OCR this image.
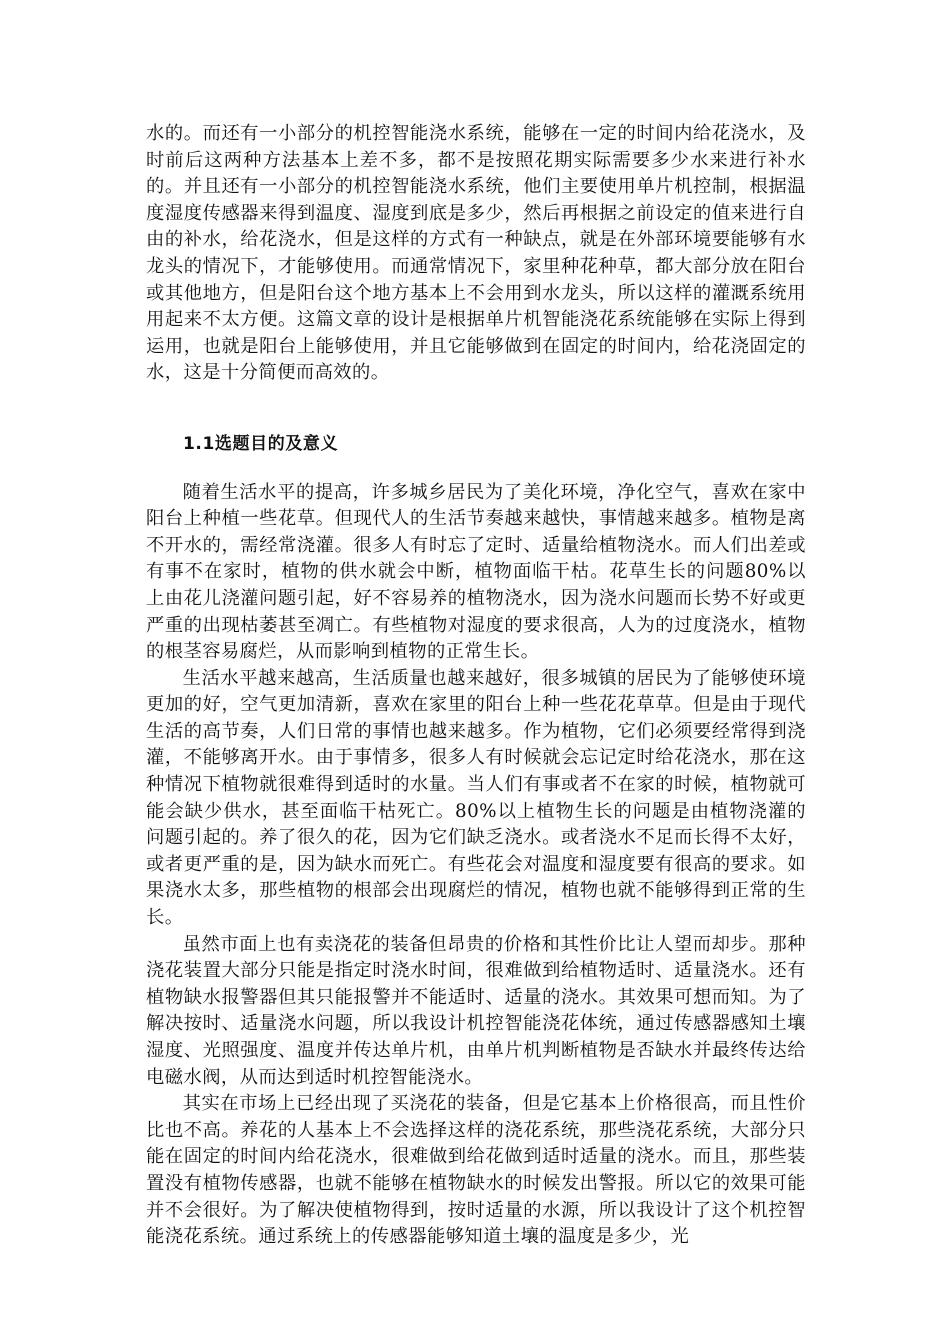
水的。而还有一小部分的机控智能浇水系统，能够在一定的时间内给花浇水，及时前后这两种方法基本上差不多，都不是按照花期实际需要多少水来进行补水的。并且还有一小部分的机控智能浇水系统，他们主要使用单片机控制，根据温度湿度传感器来得到温度、湿度到底是多少，然后再根据之前设定的值来进行自由的补水，给花浇水，但是这样的方式有一种缺点，就是在外部环境要能够有水龙头的情况下，才能够使用。而通常情况下，家里种花种草，都大部分放在阳台或其他地方，但是阳台这个地方基本上不会用到水龙头，所以这样的灌溉系统用用起来不太方便。这篇文章的设计是根据单片机智能浇花系统能够在实际上得到运用，也就是阳台上能够使用，并且它能够做到在固定的时间内，给花浇固定的水，这是十分简便而高效的。

1.1选题目的及意义

随着生活水平的提高，许多城乡居民为了美化环境，净化空气，喜欢在家中阳台上种植一些花草。但现代人的生活节奏越来越快，事情越来越多。植物是离不开水的，需经常浇灌。很多人有时忘了定时、适量给植物浇水。而人们出差或有事不在家时，植物的供水就会中断，植物面临干枯。花草生长的问题80%以上由花儿浇灌问题引起，好不容易养的植物浇水，因为浇水问题而长势不好或更严重的出现枯萎甚至凋亡。有些植物对湿度的要求很高，人为的过度浇水，植物的根茎容易腐烂，从而影响到植物的正常生长。

生活水平越来越高，生活质量也越来越好，很多城镇的居民为了能够使环境更加的好，空气更加清新，喜欢在家里的阳台上种一些花花草草。但是由于现代生活的高节奏，人们日常的事情也越来越多。作为植物，它们必须要经常得到浇灌，不能够离开水。由于事情多，很多人有时候就会忘记定时给花浇水，那在这种情况下植物就很难得到适时的水量。当人们有事或者不在家的时候，植物就可能会缺少供水，甚至面临干枯死亡。80%以上植物生长的问题是由植物浇灌的问题引起的。养了很久的花，因为它们缺乏浇水。或者浇水不足而长得不太好，或者更严重的是，因为缺水而死亡。有些花会对温度和湿度要有很高的要求。如果浇水太多，那些植物的根部会出现腐烂的情况，植物也就不能够得到正常的生长。

虽然市面上也有卖浇花的装备但昂贵的价格和其性价比让人望而却步。那种浇花装置大部分只能是指定时浇水时间，很难做到给植物适时、适量浇水。还有植物缺水报警器但其只能报警并不能适时、适量的浇水。其效果可想而知。为了解决按时、适量浇水问题，所以我设计机控智能浇花体统，通过传感器感知土壤湿度、光照强度、温度并传达单片机，由单片机判断植物是否缺水并最终传达给电磁水阀，从而达到适时机控智能浇水。

其实在市场上已经出现了买浇花的装备，但是它基本上价格很高，而且性价比也不高。养花的人基本上不会选择这样的浇花系统，那些浇花系统，大部分只能在固定的时间内给花浇水，很难做到给花做到适时适量的浇水。而且，那些装置没有植物传感器，也就不能够在植物缺水的时候发出警报。所以它的效果可能并不会很好。为了解决使植物得到，按时适量的水源，所以我设计了这个机控智能浇花系统。通过系统上的传感器能够知道土壤的温度是多少，光
